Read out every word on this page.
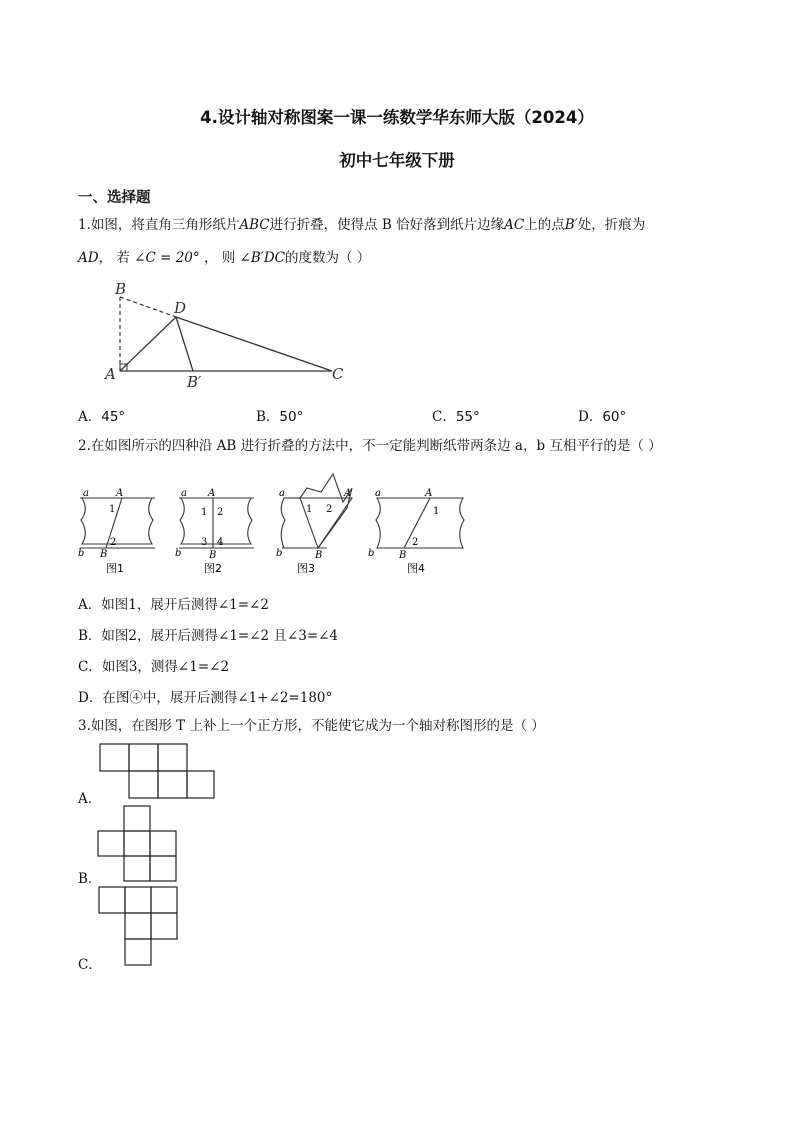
4.设计轴对称图案一课一练数学华东师大版（2024）
初中七年级下册
一、选择题
1.如图，将直角三角形纸片ABC进行折叠，使得点 B 恰好落到纸片边缘AC上的点B′处，折痕为
AD， 若 ∠C = 20° ， 则 ∠B′DC的度数为（ ）
B
D
A	B′	C
A．45°	B．50°	C．55°	D．60°
2.在如图所示的四种沿 AB 进行折叠的方法中，不一定能判断纸带两条边 a，b 互相平行的是（ ）
a	A
b B
1
2
图1
a A
b	B
1 2
3 4
图2
a	A
b	B
1 2
图3
a	A
b B
1
2
图4
A．如图1，展开后测得∠1=∠2
B．如图2，展开后测得∠1=∠2 且∠3=∠4
C．如图3，测得∠1=∠2
D．在图④中，展开后测得∠1+∠2=180°
3.如图，在图形 T 上补上一个正方形，不能使它成为一个轴对称图形的是（ ）
A．
B．
C．
